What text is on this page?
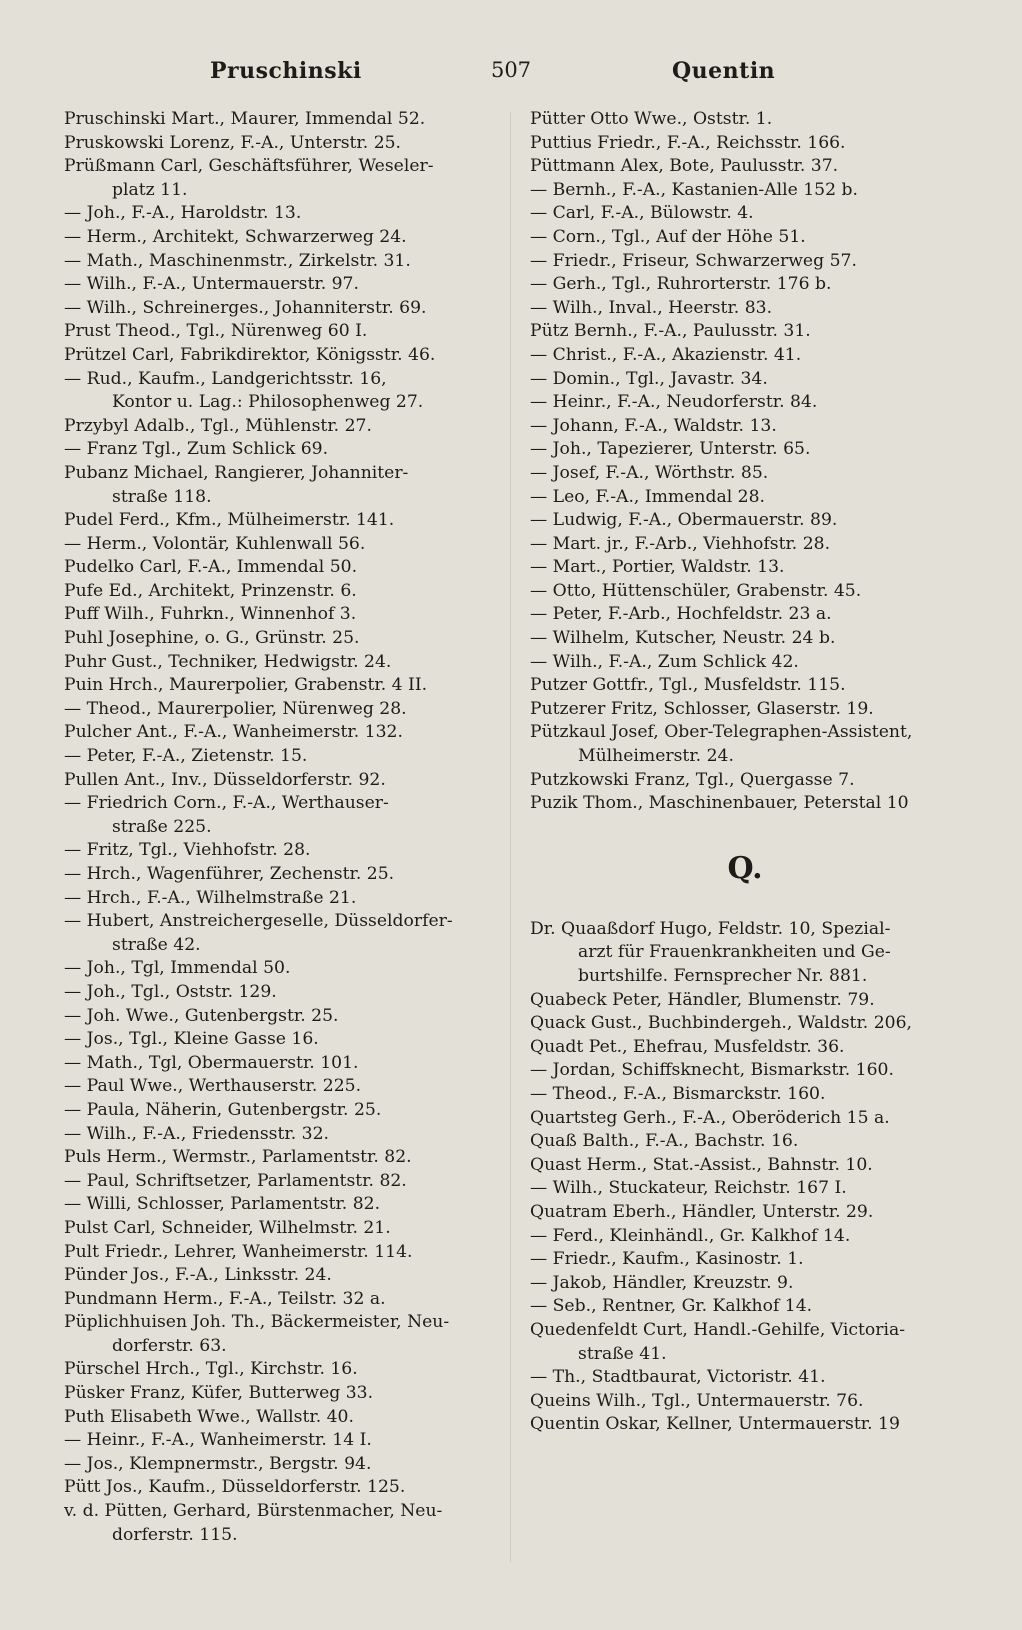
Pruschinski	507	Quentin
Pruschinski Mart., Maurer, Immendal 52.
Pruskowski Lorenz, F.-A., Unterstr. 25.
Prüßmann Carl, Geschäftsführer, Weseler-
platz 11.
— Joh., F.-A., Haroldstr. 13.
— Herm., Architekt, Schwarzerweg 24.
— Math., Maschinenmstr., Zirkelstr. 31.
— Wilh., F.-A., Untermauerstr. 97.
— Wilh., Schreinerges., Johanniterstr. 69.
Prust Theod., Tgl., Nürenweg 60 I.
Prützel Carl, Fabrikdirektor, Königsstr. 46.
— Rud., Kaufm., Landgerichtsstr. 16,
Kontor u. Lag.: Philosophenweg 27.
Przybyl Adalb., Tgl., Mühlenstr. 27.
— Franz Tgl., Zum Schlick 69.
Pubanz Michael, Rangierer, Johanniter-
straße 118.
Pudel Ferd., Kfm., Mülheimerstr. 141.
— Herm., Volontär, Kuhlenwall 56.
Pudelko Carl, F.-A., Immendal 50.
Pufe Ed., Architekt, Prinzenstr. 6.
Puff Wilh., Fuhrkn., Winnenhof 3.
Puhl Josephine, o. G., Grünstr. 25.
Puhr Gust., Techniker, Hedwigstr. 24.
Puin Hrch., Maurerpolier, Grabenstr. 4 II.
— Theod., Maurerpolier, Nürenweg 28.
Pulcher Ant., F.-A., Wanheimerstr. 132.
— Peter, F.-A., Zietenstr. 15.
Pullen Ant., Inv., Düsseldorferstr. 92.
— Friedrich Corn., F.-A., Werthauser-
straße 225.
— Fritz, Tgl., Viehhofstr. 28.
— Hrch., Wagenführer, Zechenstr. 25.
— Hrch., F.-A., Wilhelmstraße 21.
— Hubert, Anstreichergeselle, Düsseldorfer-
straße 42.
— Joh., Tgl, Immendal 50.
— Joh., Tgl., Oststr. 129.
— Joh. Wwe., Gutenbergstr. 25.
— Jos., Tgl., Kleine Gasse 16.
— Math., Tgl, Obermauerstr. 101.
— Paul Wwe., Werthauserstr. 225.
— Paula, Näherin, Gutenbergstr. 25.
— Wilh., F.-A., Friedensstr. 32.
Puls Herm., Wermstr., Parlamentstr. 82.
— Paul, Schriftsetzer, Parlamentstr. 82.
— Willi, Schlosser, Parlamentstr. 82.
Pulst Carl, Schneider, Wilhelmstr. 21.
Pult Friedr., Lehrer, Wanheimerstr. 114.
Pünder Jos., F.-A., Linksstr. 24.
Pundmann Herm., F.-A., Teilstr. 32 a.
Püplichhuisen Joh. Th., Bäckermeister, Neu-
dorferstr. 63.
Pürschel Hrch., Tgl., Kirchstr. 16.
Püsker Franz, Küfer, Butterweg 33.
Puth Elisabeth Wwe., Wallstr. 40.
— Heinr., F.-A., Wanheimerstr. 14 I.
— Jos., Klempnermstr., Bergstr. 94.
Pütt Jos., Kaufm., Düsseldorferstr. 125.
v. d. Pütten, Gerhard, Bürstenmacher, Neu-
dorferstr. 115.
Pütter Otto Wwe., Oststr. 1.
Puttius Friedr., F.-A., Reichsstr. 166.
Püttmann Alex, Bote, Paulusstr. 37.
— Bernh., F.-A., Kastanien-Alle 152 b.
— Carl, F.-A., Bülowstr. 4.
— Corn., Tgl., Auf der Höhe 51.
— Friedr., Friseur, Schwarzerweg 57.
— Gerh., Tgl., Ruhrorterstr. 176 b.
— Wilh., Inval., Heerstr. 83.
Pütz Bernh., F.-A., Paulusstr. 31.
— Christ., F.-A., Akazienstr. 41.
— Domin., Tgl., Javastr. 34.
— Heinr., F.-A., Neudorferstr. 84.
— Johann, F.-A., Waldstr. 13.
— Joh., Tapezierer, Unterstr. 65.
— Josef, F.-A., Wörthstr. 85.
— Leo, F.-A., Immendal 28.
— Ludwig, F.-A., Obermauerstr. 89.
— Mart. jr., F.-Arb., Viehhofstr. 28.
— Mart., Portier, Waldstr. 13.
— Otto, Hüttenschüler, Grabenstr. 45.
— Peter, F.-Arb., Hochfeldstr. 23 a.
— Wilhelm, Kutscher, Neustr. 24 b.
— Wilh., F.-A., Zum Schlick 42.
Putzer Gottfr., Tgl., Musfeldstr. 115.
Putzerer Fritz, Schlosser, Glaserstr. 19.
Pützkaul Josef, Ober-Telegraphen-Assistent,
Mülheimerstr. 24.
Putzkowski Franz, Tgl., Quergasse 7.
Puzik Thom., Maschinenbauer, Peterstal 10
Q.
Dr. Quaaßdorf Hugo, Feldstr. 10, Spezial-
arzt für Frauenkrankheiten und Ge-
burtshilfe. Fernsprecher Nr. 881.
Quabeck Peter, Händler, Blumenstr. 79.
Quack Gust., Buchbindergeh., Waldstr. 206,
Quadt Pet., Ehefrau, Musfeldstr. 36.
— Jordan, Schiffsknecht, Bismarkstr. 160.
— Theod., F.-A., Bismarckstr. 160.
Quartsteg Gerh., F.-A., Oberöderich 15 a.
Quaß Balth., F.-A., Bachstr. 16.
Quast Herm., Stat.-Assist., Bahnstr. 10.
— Wilh., Stuckateur, Reichstr. 167 I.
Quatram Eberh., Händler, Unterstr. 29.
— Ferd., Kleinhändl., Gr. Kalkhof 14.
— Friedr., Kaufm., Kasinostr. 1.
— Jakob, Händler, Kreuzstr. 9.
— Seb., Rentner, Gr. Kalkhof 14.
Quedenfeldt Curt, Handl.-Gehilfe, Victoria-
straße 41.
— Th., Stadtbaurat, Victoristr. 41.
Queins Wilh., Tgl., Untermauerstr. 76.
Quentin Oskar, Kellner, Untermauerstr. 19
